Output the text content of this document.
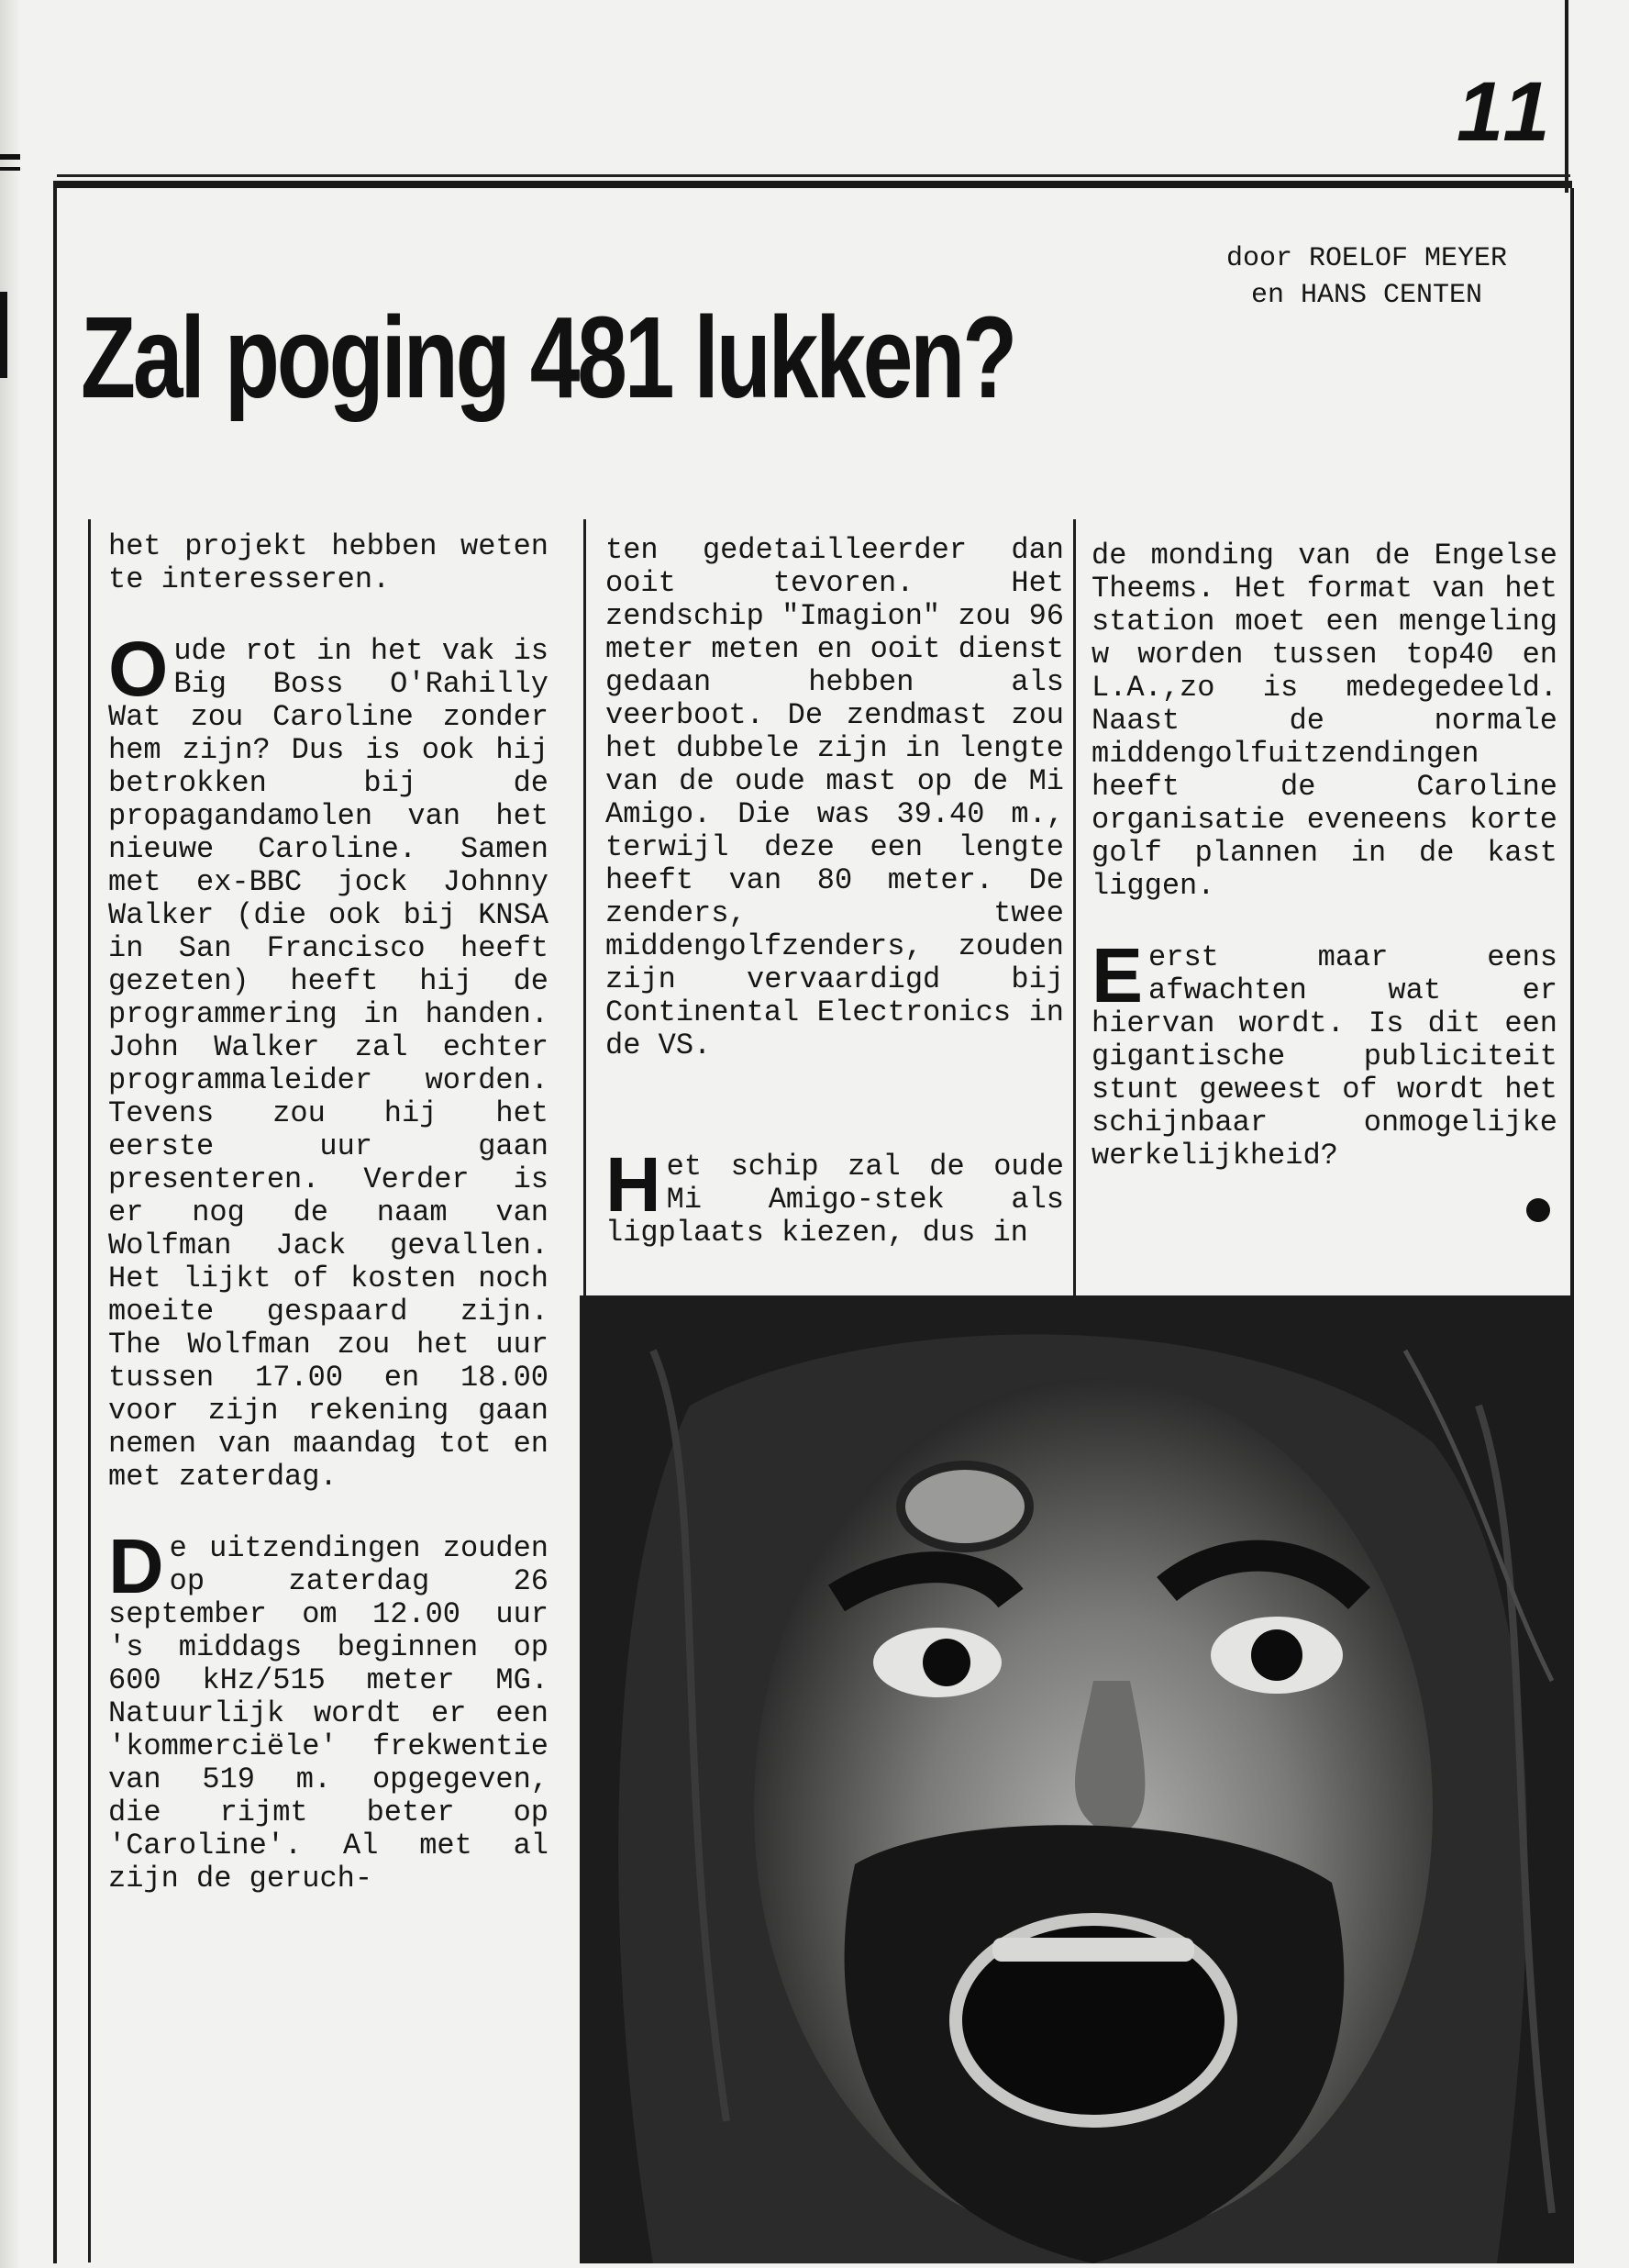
11
door ROELOF MEYER
en HANS CENTEN
Zal poging 481 lukken?

het projekt hebben weten te interesseren.

Oude rot in het vak is Big Boss O'Rahilly Wat zou Caroline zonder hem zijn? Dus is ook hij betrokken bij de propagandamolen van het nieuwe Caroline. Samen met ex-BBC jock Johnny Walker (die ook bij KNSA in San Francisco heeft gezeten) heeft hij de programmering in handen. John Walker zal echter programmaleider worden. Tevens zou hij het eerste uur gaan presenteren. Verder is er nog de naam van Wolfman Jack gevallen. Het lijkt of kosten noch moeite gespaard zijn. The Wolfman zou het uur tussen 17.00 en 18.00 voor zijn rekening gaan nemen van maandag tot en met zaterdag.

De uitzendingen zouden op zaterdag 26 september om 12.00 uur 's middags beginnen op 600 kHz/515 meter MG. Natuurlijk wordt er een 'kommerciële' frekwentie van 519 m. opgegeven, die rijmt beter op 'Caroline'. Al met al zijn de geruch-

ten gedetailleerder dan ooit tevoren. Het zendschip "Imagion" zou 96 meter meten en ooit dienst gedaan hebben als veerboot. De zendmast zou het dubbele zijn in lengte van de oude mast op de Mi Amigo. Die was 39.40 m., terwijl deze een lengte heeft van 80 meter. De zenders, twee middengolfzenders, zouden zijn vervaardigd bij Continental Electronics in de VS.

Het schip zal de oude Mi Amigo-stek als ligplaats kiezen, dus in

de monding van de Engelse Theems. Het format van het station moet een mengeling w worden tussen top40 en L.A.,zo is medegedeeld. Naast de normale middengolfuitzendingen heeft de Caroline organisatie eveneens korte golf plannen in de kast liggen.

Eerst maar eens afwachten wat er hiervan wordt. Is dit een gigantische publiciteit stunt geweest of wordt het schijnbaar onmogelijke werkelijkheid?
